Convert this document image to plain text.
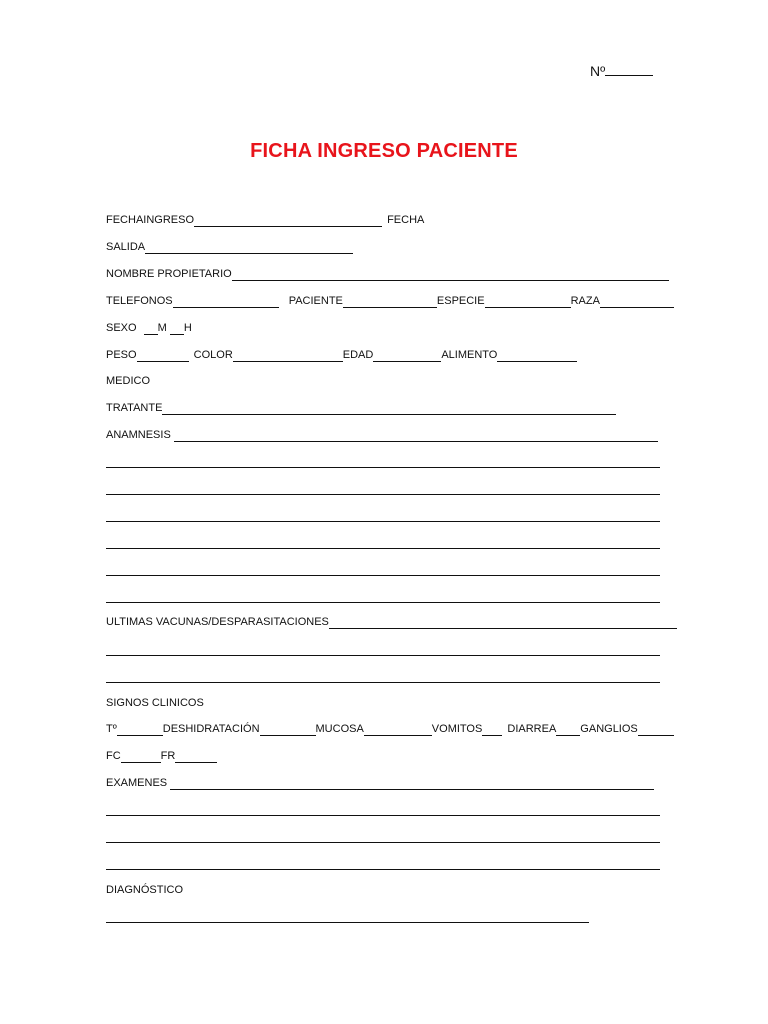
Nº
FICHA INGRESO PACIENTE
FECHAINGRESO	FECHA
SALIDA
NOMBRE PROPIETARIO
TELEFONOS	PACIENTE	ESPECIE	RAZA
SEXO M H
PESO	COLOR	EDAD	ALIMENTO
MEDICO
TRATANTE
ANAMNESIS
ULTIMAS VACUNAS/DESPARASITACIONES
SIGNOS CLINICOS
Tº	DESHIDRATACIÓN	MUCOSA	VOMITOS DIARREA GANGLIOS
FC	FR
EXAMENES
DIAGNÓSTICO
